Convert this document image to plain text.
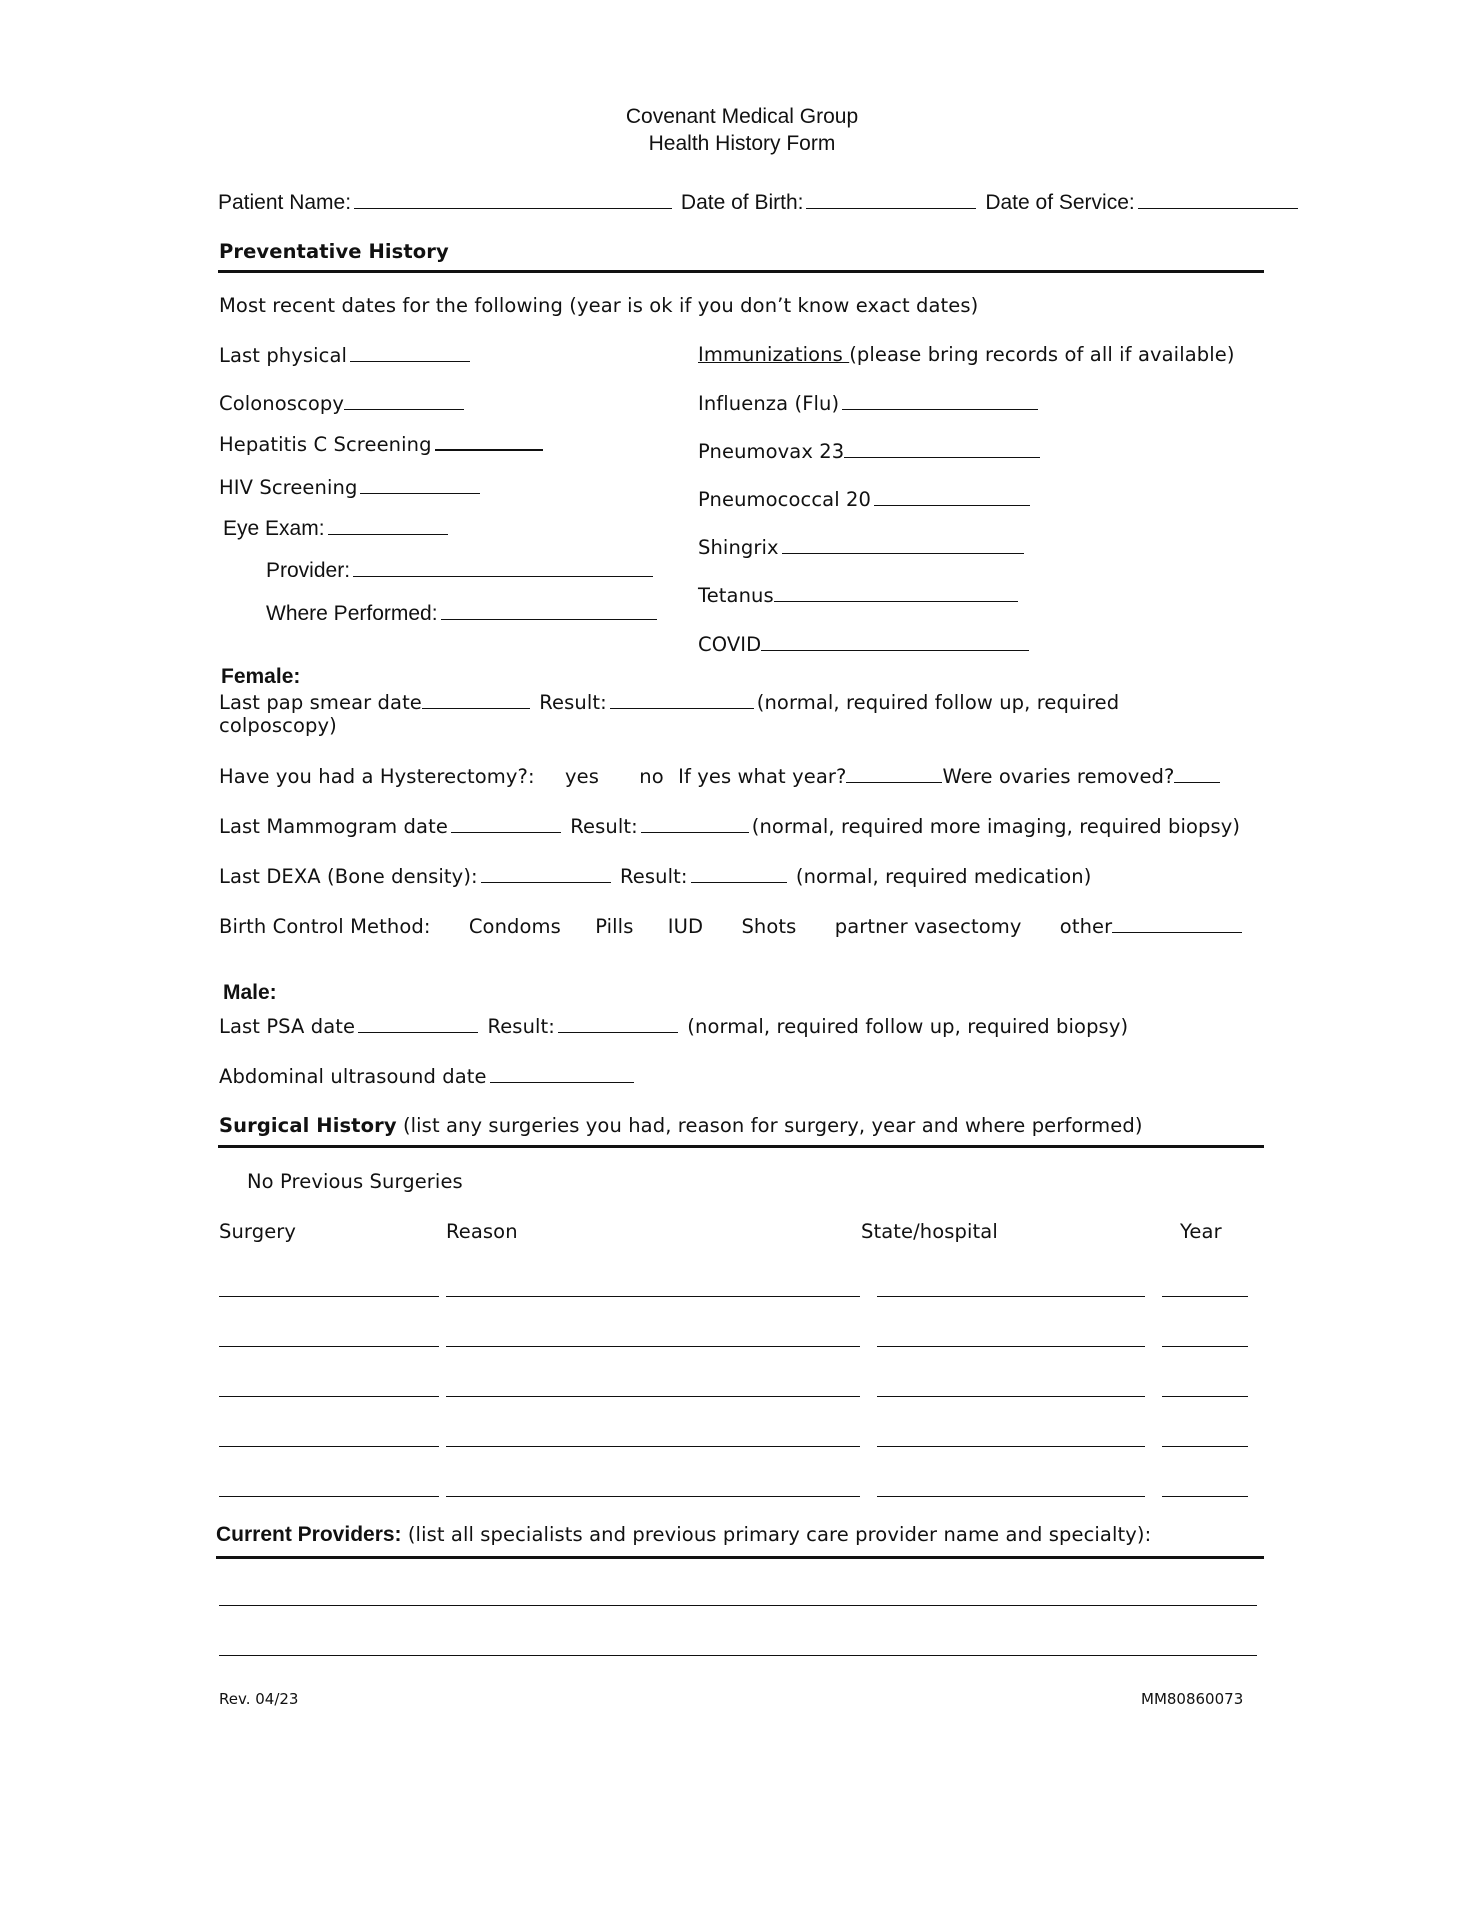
Covenant Medical Group
Health History Form
Patient Name:	Date of Birth:	Date of Service:
Preventative History
Most recent dates for the following (year is ok if you don’t know exact dates)
Last physical
Colonoscopy
Hepatitis C Screening
HIV Screening
Eye Exam:
Provider:
Where Performed:
Immunizations (please bring records of all if available)
Influenza (Flu)
Pneumovax 23
Pneumococcal 20
Shingrix
Tetanus
COVID
Female:
Last pap smear date	Result:	(normal, required follow up, required
colposcopy)
Have you had a Hysterectomy?: yes no If yes what year?	Were ovaries removed?
Last Mammogram date	Result:	(normal, required more imaging, required biopsy)
Last DEXA (Bone density):	Result:	(normal, required medication)
Birth Control Method: Condoms Pills IUD Shots partner vasectomy other
Male:
Last PSA date	Result:	(normal, required follow up, required biopsy)
Abdominal ultrasound date
Surgical History (list any surgeries you had, reason for surgery, year and where performed)
No Previous Surgeries
Surgery	Reason	State/hospital	Year
Current Providers: (list all specialists and previous primary care provider name and specialty):
Rev. 04/23	MM80860073
